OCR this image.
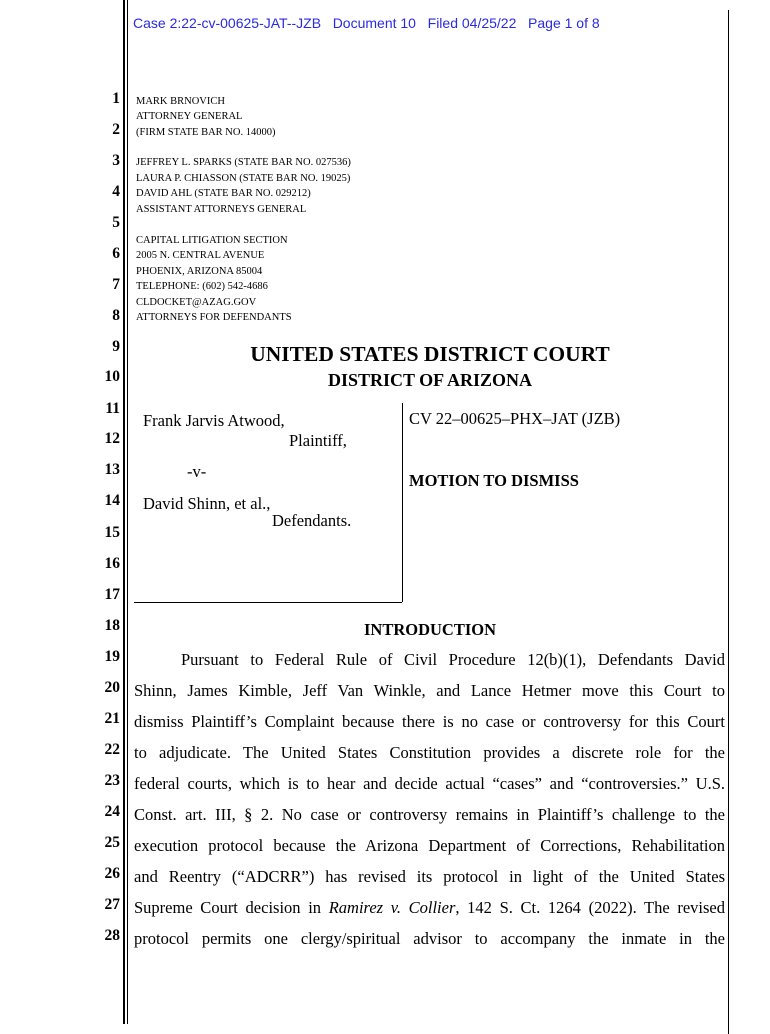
Case 2:22-cv-00625-JAT--JZB   Document 10   Filed 04/25/22   Page 1 of 8
1
2
3
4
5
6
7
8
9
10
11
12
13
14
15
16
17
18
19
20
21
22
23
24
25
26
27
28
MARK BRNOVICH
ATTORNEY GENERAL
(FIRM STATE BAR NO. 14000)
JEFFREY L. SPARKS (STATE BAR NO. 027536)
LAURA P. CHIASSON (STATE BAR NO. 19025)
DAVID AHL (STATE BAR NO. 029212)
ASSISTANT ATTORNEYS GENERAL
CAPITAL LITIGATION SECTION
2005 N. CENTRAL AVENUE
PHOENIX, ARIZONA 85004
TELEPHONE: (602) 542-4686
CLDOCKET@AZAG.GOV
ATTORNEYS FOR DEFENDANTS
UNITED STATES DISTRICT COURT
DISTRICT OF ARIZONA
Frank Jarvis Atwood,
Plaintiff,
-v-
David Shinn, et al.,
Defendants.
CV 22–00625–PHX–JAT (JZB)
MOTION TO DISMISS
INTRODUCTION
Pursuant to Federal Rule of Civil Procedure 12(b)(1), Defendants David
Shinn, James Kimble, Jeff Van Winkle, and Lance Hetmer move this Court to
dismiss Plaintiff’s Complaint because there is no case or controversy for this Court
to adjudicate. The United States Constitution provides a discrete role for the
federal courts, which is to hear and decide actual “cases” and “controversies.” U.S.
Const. art. III, § 2. No case or controversy remains in Plaintiff’s challenge to the
execution protocol because the Arizona Department of Corrections, Rehabilitation
and Reentry (“ADCRR”) has revised its protocol in light of the United States
Supreme Court decision in Ramirez v. Collier, 142 S. Ct. 1264 (2022). The revised
protocol permits one clergy/spiritual advisor to accompany the inmate in the
